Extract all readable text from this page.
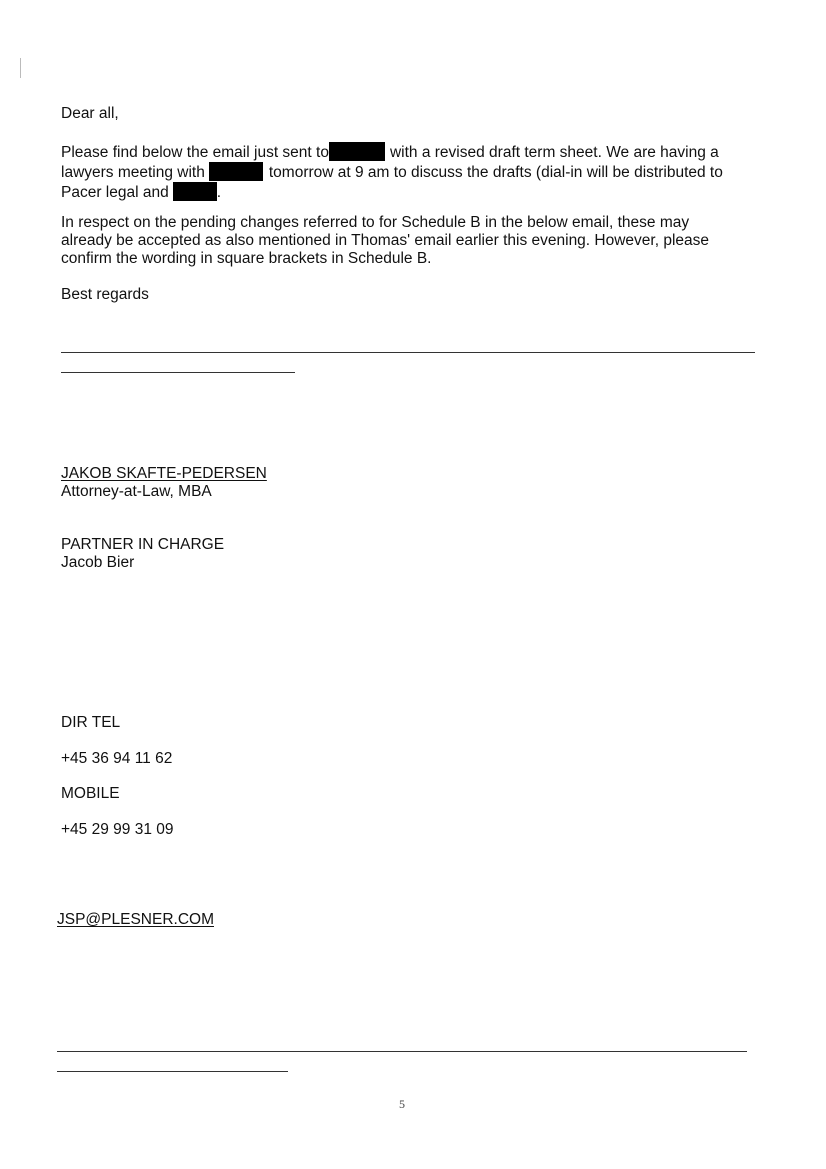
Dear all,
Please find below the email just sent to	with a revised draft term sheet. We are having a
lawyers meeting with	tomorrow at 9 am to discuss the drafts (dial-in will be distributed to
Pacer legal and	.
In respect on the pending changes referred to for Schedule B in the below email, these may
already be accepted as also mentioned in Thomas' email earlier this evening. However, please
confirm the wording in square brackets in Schedule B.
Best regards
JAKOB SKAFTE-PEDERSEN
Attorney-at-Law, MBA
PARTNER IN CHARGE
Jacob Bier
DIR TEL
+45 36 94 11 62
MOBILE
+45 29 99 31 09
JSP@PLESNER.COM
5
